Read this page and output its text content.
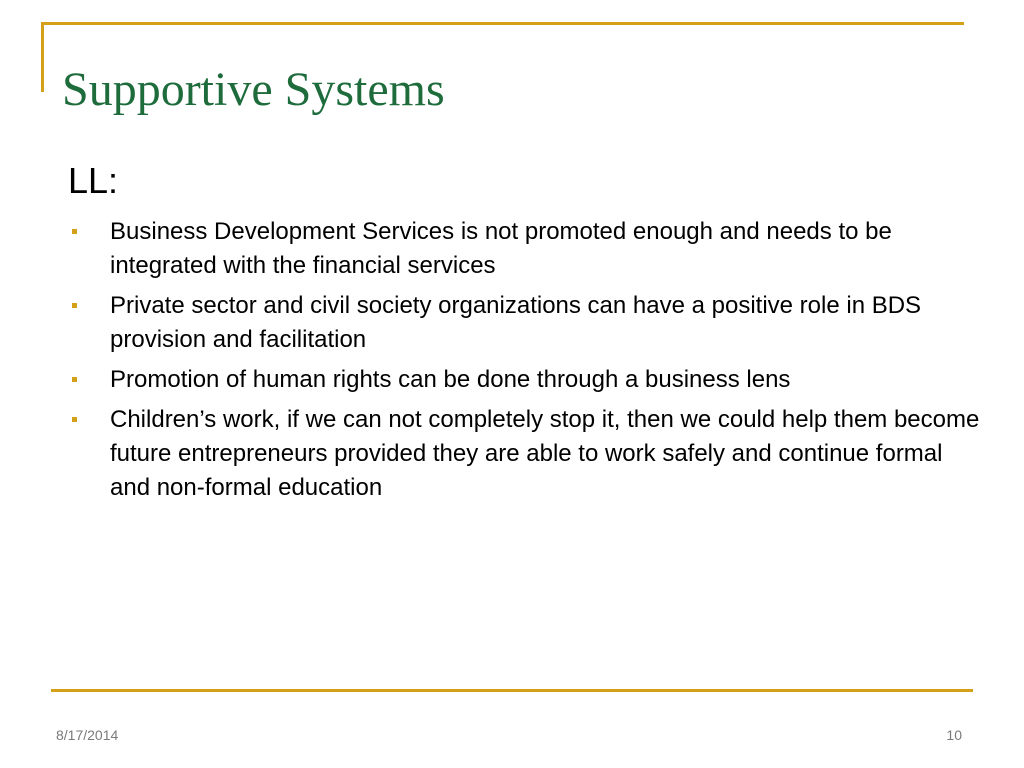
Supportive Systems
LL:
Business Development Services is not promoted enough and needs to be integrated with the financial services
Private sector and civil society organizations can have a positive role in BDS provision and facilitation
Promotion of human rights can be done through a business lens
Children’s work, if we can not completely stop it, then we could help them become future entrepreneurs provided they are able to work safely and continue formal and non-formal education
8/17/2014	10
